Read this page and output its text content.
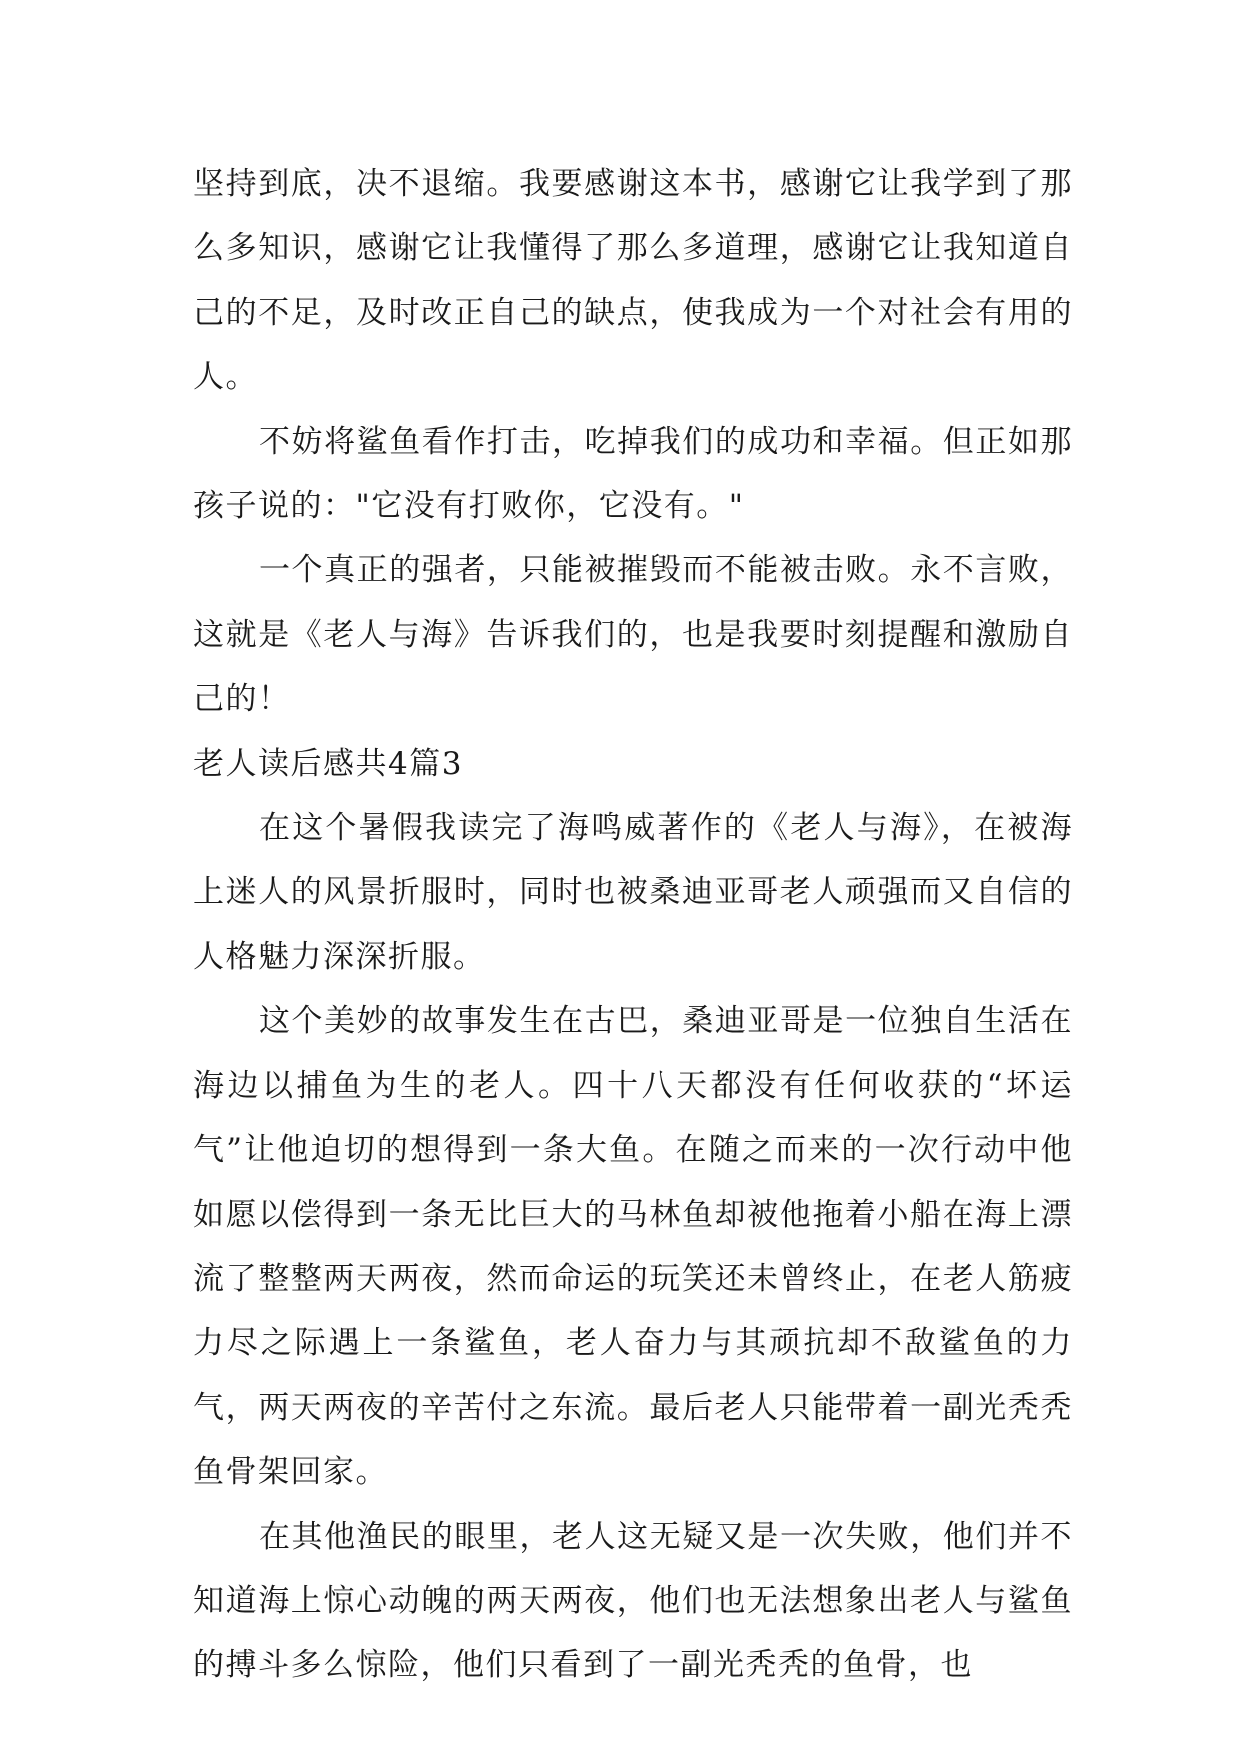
坚持到底，决不退缩。我要感谢这本书，感谢它让我学到了那么多知识，感谢它让我懂得了那么多道理，感谢它让我知道自己的不足，及时改正自己的缺点，使我成为一个对社会有用的人。

不妨将鲨鱼看作打击，吃掉我们的成功和幸福。但正如那孩子说的："它没有打败你，它没有。"

一个真正的强者，只能被摧毁而不能被击败。永不言败，这就是《老人与海》告诉我们的，也是我要时刻提醒和激励自己的！

老人读后感共4篇3

在这个暑假我读完了海鸣威著作的《老人与海》，在被海上迷人的风景折服时，同时也被桑迪亚哥老人顽强而又自信的人格魅力深深折服。

这个美妙的故事发生在古巴，桑迪亚哥是一位独自生活在海边以捕鱼为生的老人。四十八天都没有任何收获的“坏运气”让他迫切的想得到一条大鱼。在随之而来的一次行动中他如愿以偿得到一条无比巨大的马林鱼却被他拖着小船在海上漂流了整整两天两夜，然而命运的玩笑还未曾终止，在老人筋疲力尽之际遇上一条鲨鱼，老人奋力与其顽抗却不敌鲨鱼的力气，两天两夜的辛苦付之东流。最后老人只能带着一副光秃秃鱼骨架回家。

在其他渔民的眼里，老人这无疑又是一次失败，他们并不知道海上惊心动魄的两天两夜，他们也无法想象出老人与鲨鱼的搏斗多么惊险，他们只看到了一副光秃秃的鱼骨，也
